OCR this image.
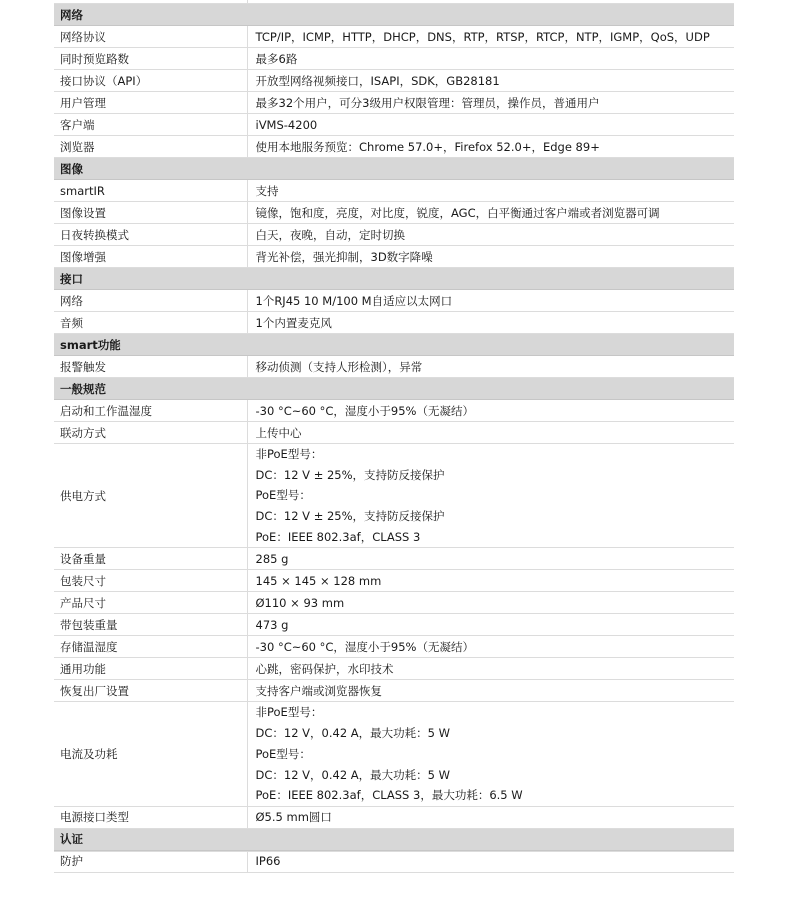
网络	
网络协议	TCP/IP，ICMP，HTTP，DHCP，DNS，RTP，RTSP，RTCP，NTP，IGMP，QoS，UDP
同时预览路数	最多6路
接口协议（API）	开放型网络视频接口，ISAPI，SDK，GB28181
用户管理	最多32个用户，可分3级用户权限管理：管理员，操作员，普通用户
客户端	iVMS-4200
浏览器	使用本地服务预览：Chrome 57.0+，Firefox 52.0+，Edge 89+
图像	
smartIR	支持
图像设置	镜像，饱和度，亮度，对比度，锐度，AGC，白平衡通过客户端或者浏览器可调
日夜转换模式	白天，夜晚，自动，定时切换
图像增强	背光补偿，强光抑制，3D数字降噪
接口	
网络	1个RJ45 10 M/100 M自适应以太网口
音频	1个内置麦克风
smart功能	
报警触发	移动侦测（支持人形检测），异常
一般规范	
启动和工作温湿度	-30 °C~60 °C，湿度小于95%（无凝结）
联动方式	上传中心
供电方式	非PoE型号：
DC：12 V ± 25%，支持防反接保护
PoE型号：
DC：12 V ± 25%，支持防反接保护
PoE：IEEE 802.3af，CLASS 3

设备重量	285 g
包装尺寸	145 × 145 × 128 mm
产品尺寸	Ø110 × 93 mm
带包装重量	473 g
存储温湿度	-30 °C~60 °C，湿度小于95%（无凝结）
通用功能	心跳，密码保护，水印技术
恢复出厂设置	支持客户端或浏览器恢复
电流及功耗	非PoE型号：
DC：12 V，0.42 A，最大功耗：5 W
PoE型号：
DC：12 V，0.42 A，最大功耗：5 W
PoE：IEEE 802.3af，CLASS 3，最大功耗：6.5 W

电源接口类型	Ø5.5 mm圆口
认证	
防护	IP66
